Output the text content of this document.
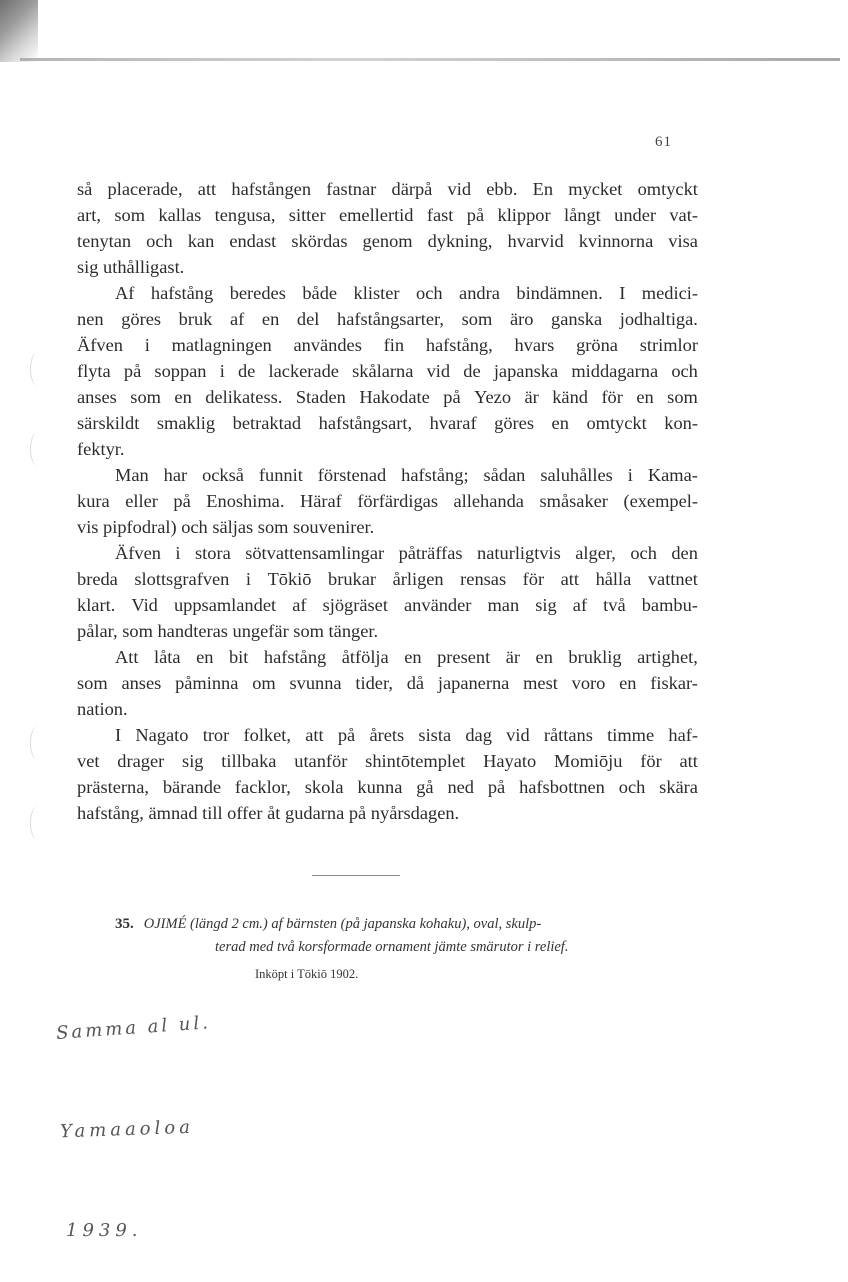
61
så placerade, att hafstången fastnar därpå vid ebb. En mycket omtyckt
art, som kallas tengusa, sitter emellertid fast på klippor långt under vat-
tenytan och kan endast skördas genom dykning, hvarvid kvinnorna visa
sig uthålligast.
Af hafstång beredes både klister och andra bindämnen. I medici-
nen göres bruk af en del hafstångsarter, som äro ganska jodhaltiga.
Äfven i matlagningen användes fin hafstång, hvars gröna strimlor
flyta på soppan i de lackerade skålarna vid de japanska middagarna och
anses som en delikatess. Staden Hakodate på Yezo är känd för en som
särskildt smaklig betraktad hafstångsart, hvaraf göres en omtyckt kon-
fektyr.
Man har också funnit förstenad hafstång; sådan saluhålles i Kama-
kura eller på Enoshima. Häraf förfärdigas allehanda småsaker (exempel-
vis pipfodral) och säljas som souvenirer.
Äfven i stora sötvattensamlingar påträffas naturligtvis alger, och den
breda slottsgrafven i Tōkiō brukar årligen rensas för att hålla vattnet
klart. Vid uppsamlandet af sjögräset använder man sig af två bambu-
pålar, som handteras ungefär som tänger.
Att låta en bit hafstång åtfölja en present är en bruklig artighet,
som anses påminna om svunna tider, då japanerna mest voro en fiskar-
nation.
I Nagato tror folket, att på årets sista dag vid råttans timme haf-
vet drager sig tillbaka utanför shintōtemplet Hayato Momiōju för att
prästerna, bärande facklor, skola kunna gå ned på hafsbottnen och skära
hafstång, ämnad till offer åt gudarna på nyårsdagen.
35. OJIMÉ (längd 2 cm.) af bärnsten (på japanska kohaku), oval, skulp-
terad med två korsformade ornament jämte smärutor i relief.
Inköpt i Tōkiō 1902.

Samma al ul.

Yamaaoloa

1939.
